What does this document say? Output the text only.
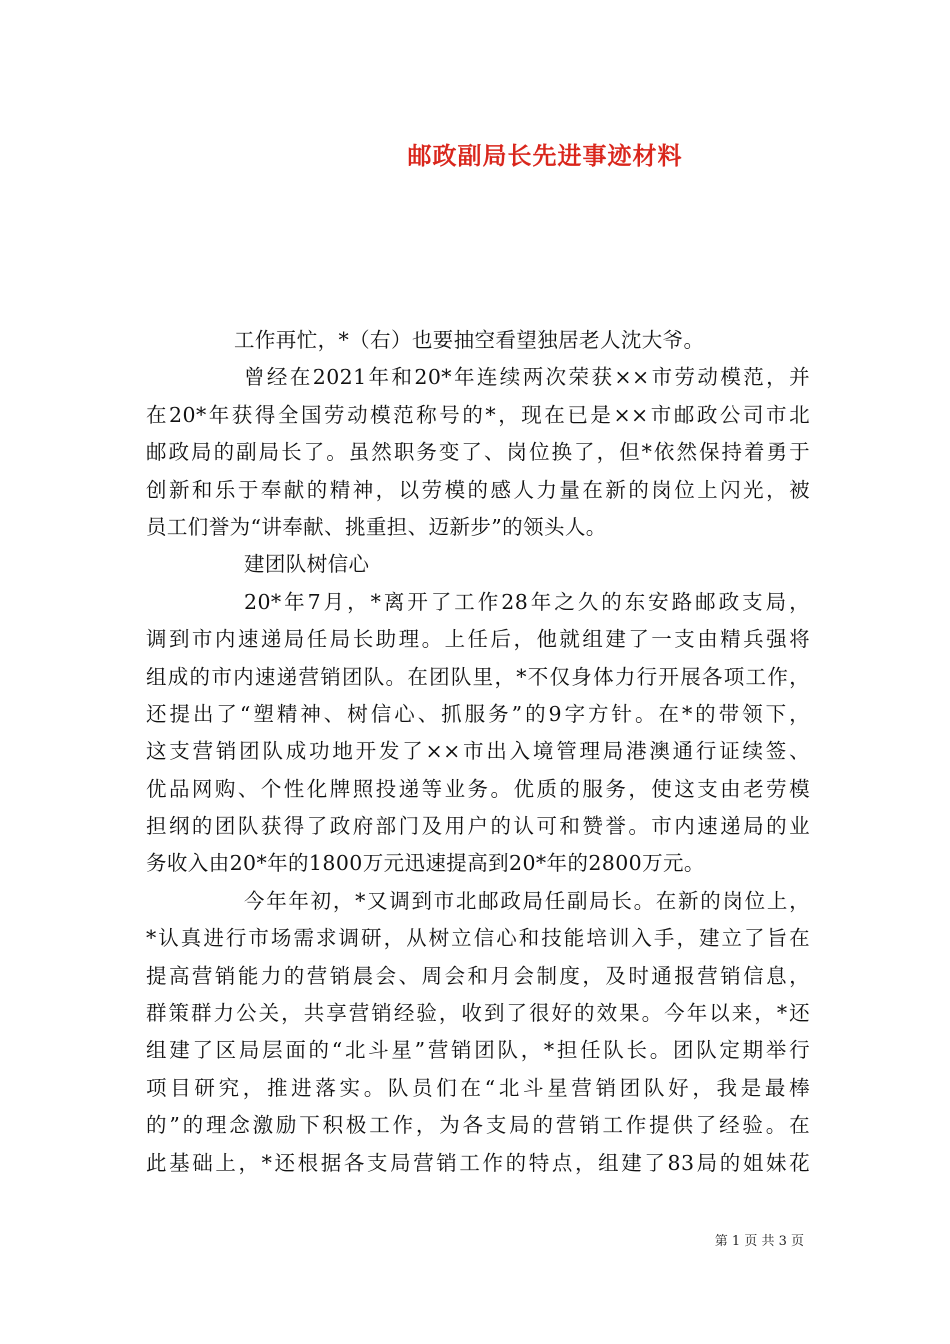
邮政副局长先进事迹材料
工作再忙，*（右）也要抽空看望独居老人沈大爷。
曾经在2021年和20*年连续两次荣获××市劳动模范，并
在20*年获得全国劳动模范称号的*，现在已是××市邮政公司市北
邮政局的副局长了。虽然职务变了、岗位换了，但*依然保持着勇于
创新和乐于奉献的精神，以劳模的感人力量在新的岗位上闪光，被
员工们誉为“讲奉献、挑重担、迈新步”的领头人。
建团队树信心
20*年7月，*离开了工作28年之久的东安路邮政支局，
调到市内速递局任局长助理。上任后，他就组建了一支由精兵强将
组成的市内速递营销团队。在团队里，*不仅身体力行开展各项工作，
还提出了“塑精神、树信心、抓服务”的9字方针。在*的带领下，
这支营销团队成功地开发了××市出入境管理局港澳通行证续签、
优品网购、个性化牌照投递等业务。优质的服务，使这支由老劳模
担纲的团队获得了政府部门及用户的认可和赞誉。市内速递局的业
务收入由20*年的1800万元迅速提高到20*年的2800万元。
今年年初，*又调到市北邮政局任副局长。在新的岗位上，
*认真进行市场需求调研，从树立信心和技能培训入手，建立了旨在
提高营销能力的营销晨会、周会和月会制度，及时通报营销信息，
群策群力公关，共享营销经验，收到了很好的效果。今年以来，*还
组建了区局层面的“北斗星”营销团队，*担任队长。团队定期举行
项目研究，推进落实。队员们在“北斗星营销团队好，我是最棒
的”的理念激励下积极工作，为各支局的营销工作提供了经验。在
此基础上，*还根据各支局营销工作的特点，组建了83局的姐妹花
第 1 页 共 3 页
